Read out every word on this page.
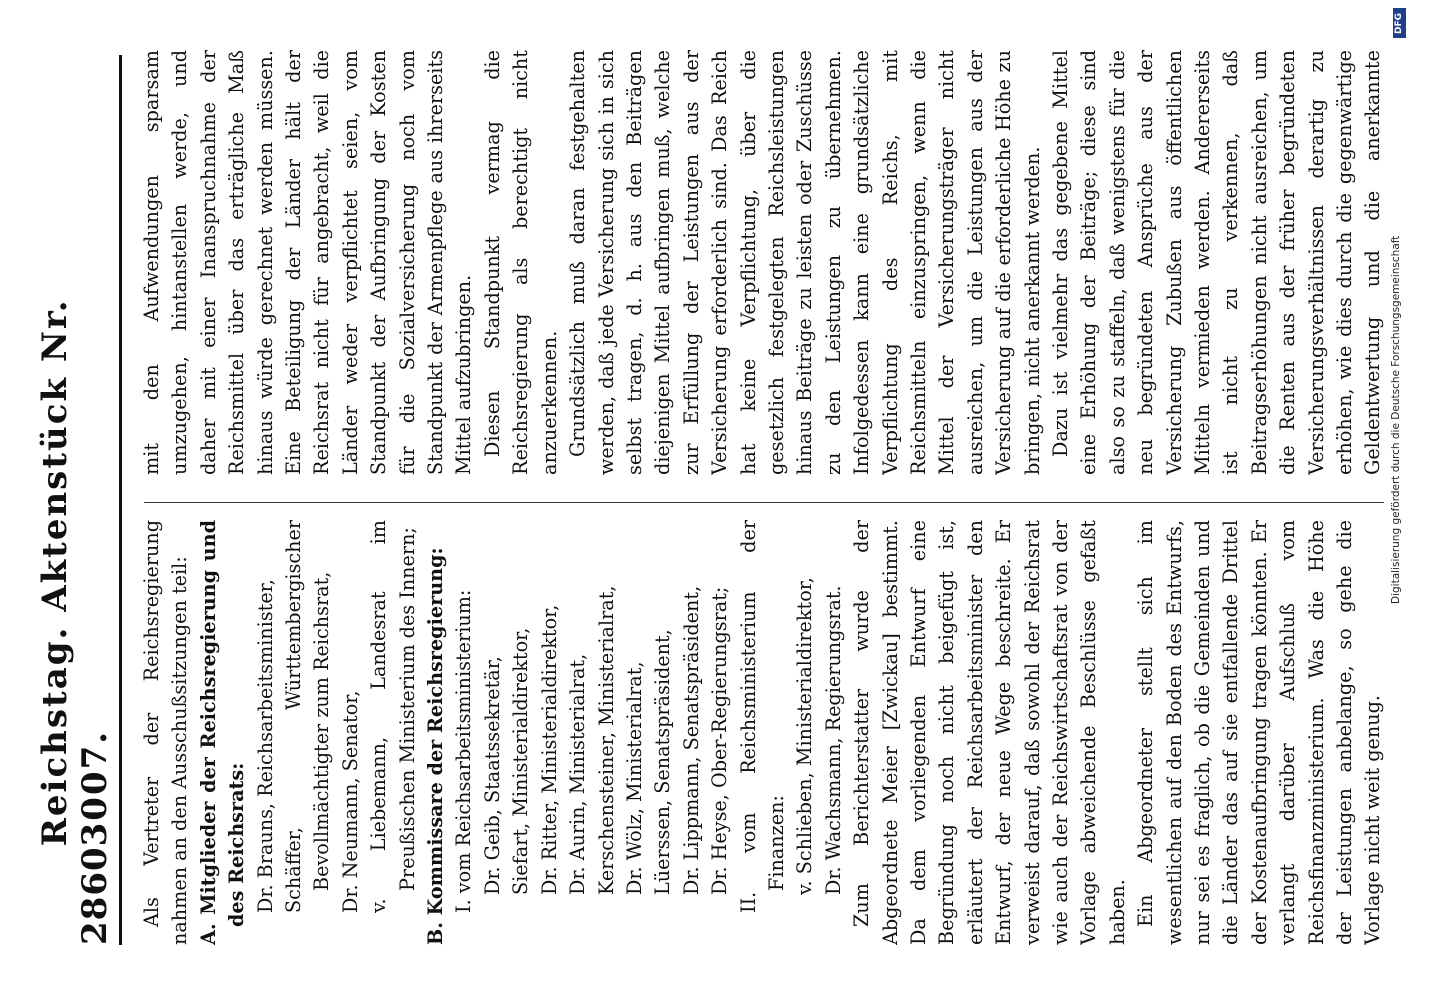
2860
Reichstag. Aktenstück Nr. 3007. Als Vertreter der Reichsregierung nahmen an den Ausschußsitzungen teil: A. Mitglieder der Reichsregierung und des Reichsrats: Dr. Brauns, Reichsarbeitsminister, Schäffer, Württembergischer Bevollmächtigter zum Reichsrat, Dr. Neumann, Senator, v. Liebemann, Landesrat im Preußischen Ministerium des Innern; B. Kommissare der Reichsregierung: I. vom Reichsarbeitsministerium: Dr. Geib, Staatssekretär, Siefart, Ministerialdirektor, Dr. Ritter, Ministerialdirektor, Dr. Aurin, Ministerialrat, Kerschensteiner, Ministerialrat, Dr. Wölz, Ministerialrat, Lüerssen, Senatspräsident, Dr. Lippmann, Senatspräsident, Dr. Heyse, Ober-Regierungsrat; II. vom Reichsministerium der Finanzen: v. Schlieben, Ministerialdirektor, Dr. Wachsmann, Regierungsrat. Zum Berichterstatter wurde der Abgeordnete Meier [Zwickau] bestimmt. Da dem vorliegenden Entwurf eine Begründung noch nicht beigefügt ist, erläutert der Reichsarbeitsminister den Entwurf, der neue Wege beschreite. Er verweist darauf, daß sowohl der Reichsrat wie auch der Reichswirtschaftsrat von der Vorlage abweichende Beschlüsse gefaßt haben. Ein Abgeordneter stellt sich im wesentlichen auf den Boden des Entwurfs, nur sei es fraglich, ob die Gemeinden und die Länder das auf sie entfallende Drittel der Kostenaufbringung tragen könnten. Er verlangt darüber Aufschluß vom Reichsfinanzministerium. Was die Höhe der Leistungen anbelange, so gehe die Vorlage nicht weit genug.

mit den Aufwendungen sparsam umzugehen, hintanstellen werde, und daher mit einer Inanspruchnahme der Reichsmittel über das erträgliche Maß hinaus würde gerechnet werden müssen. Eine Beteiligung der Länder hält der Reichsrat nicht für angebracht, weil die Länder weder verpflichtet seien, vom Standpunkt der Aufbringung der Kosten für die Sozialversicherung noch vom Standpunkt der Armenpflege aus ihrerseits Mittel aufzubringen. Diesen Standpunkt vermag die Reichsregierung als berechtigt nicht anzuerkennen. Grundsätzlich muß daran festgehalten werden, daß jede Versicherung sich in sich selbst tragen, d. h. aus den Beiträgen diejenigen Mittel aufbringen muß, welche zur Erfüllung der Leistungen aus der Versicherung erforderlich sind. Das Reich hat keine Verpflichtung, über die gesetzlich festgelegten Reichsleistungen hinaus Beiträge zu leisten oder Zuschüsse zu den Leistungen zu übernehmen. Infolgedessen kann eine grundsätzliche Verpflichtung des Reichs, mit Reichsmitteln einzuspringen, wenn die Mittel der Versicherungsträger nicht ausreichen, um die Leistungen aus der Versicherung auf die erforderliche Höhe zu bringen, nicht anerkannt werden. Dazu ist vielmehr das gegebene Mittel eine Erhöhung der Beiträge; diese sind also so zu staffeln, daß wenigstens für die neu begründeten Ansprüche aus der Versicherung Zubußen aus öffentlichen Mitteln vermieden werden. Andererseits ist nicht zu verkennen, daß Beitragserhöhungen nicht ausreichen, um die Renten aus der früher begründeten Versicherungsverhältnissen derartig zu erhöhen, wie dies durch die gegenwärtige Geldentwertung und die anerkannte

DFG
Digitalisierung gefördert durch die Deutsche Forschungsgemeinschaft
